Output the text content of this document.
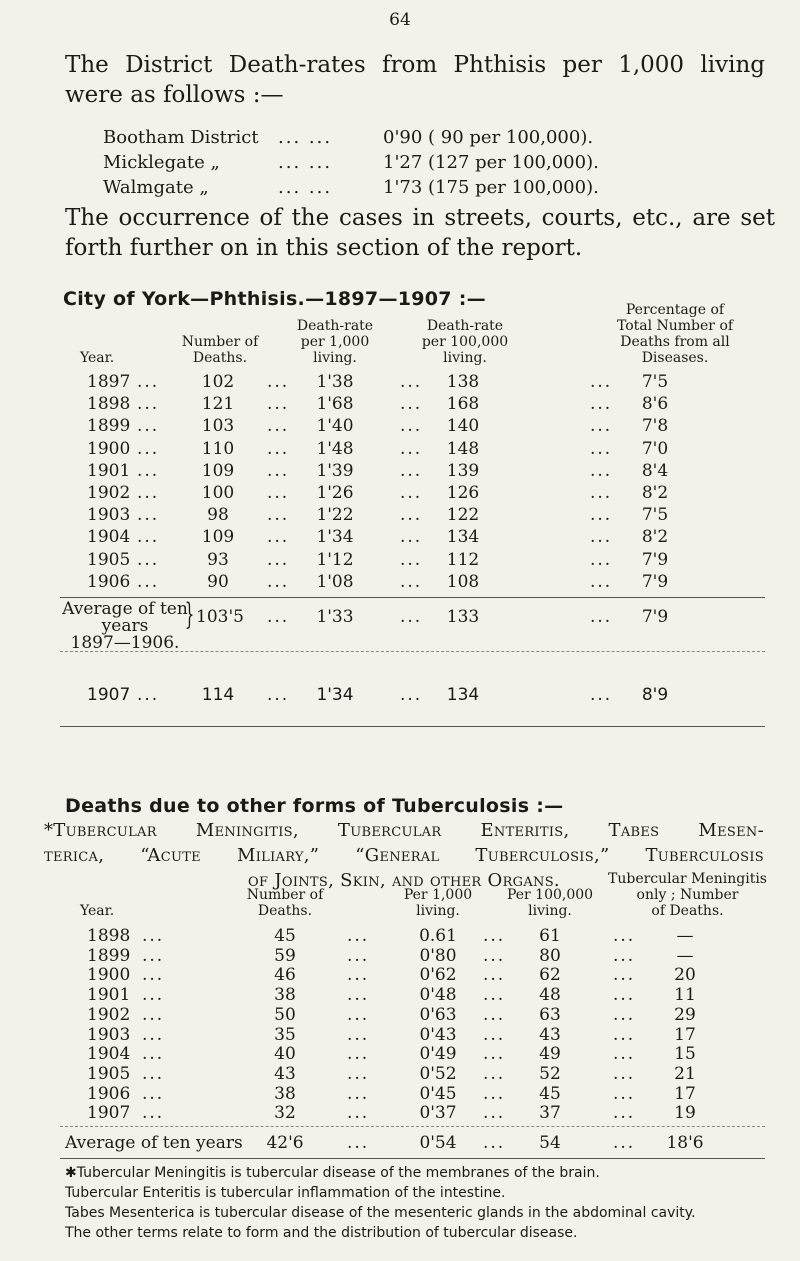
64

The District Death-rates from Phthisis per 1,000 living

were as follows :—

Bootham District	... ...	0'90 ( 90 per 100,000).
Micklegate „	... ...	1'27 (127 per 100,000).
Walmgate „	... ...	1'73 (175 per 100,000).

The occurrence of the cases in streets, courts, etc., are set

forth further on in this section of the report.

City of York—Phthisis.—1897—1907 :—
Year.
Number of
Deaths.
Death-rate
per 1,000
living.
Death-rate
per 100,000
living.
Percentage of
Total Number of
Deaths from all
Diseases.
1897 ...	102	...	1'38	...	138	...	7'5
1898 ...	121	...	1'68	...	168	...	8'6
1899 ...	103	...	1'40	...	140	...	7'8
1900 ...	110	...	1'48	...	148	...	7'0
1901 ...	109	...	1'39	...	139	...	8'4
1902 ...	100	...	1'26	...	126	...	8'2
1903 ...	98	...	1'22	...	122	...	7'5
1904 ...	109	...	1'34	...	134	...	8'2
1905 ...	93	...	1'12	...	112	...	7'9
1906 ...	90	...	1'08	...	108	...	7'9
Average of ten years
1897—1906.
} 103'5	...	1'33	...	133	...	7'9
1907 ...	114	...	1'34	...	134	...	8'9
Deaths due to other forms of Tuberculosis :—

*Tubercular Meningitis, Tubercular Enteritis, Tabes Mesen-

terica, “Acute Miliary,” “General Tuberculosis,” Tuberculosis

of Joints, Skin, and other Organs.

Year.
Number of
Deaths.
Per 1,000
living.
Per 100,000
living.
Tubercular Meningitis
only ; Number
of Deaths.
1898 ...	45	...	0.61	...	61	...	—
1899 ...	59	...	0'80	...	80	...	—
1900 ...	46	...	0'62	...	62	...	20
1901 ...	38	...	0'48	...	48	...	11
1902 ...	50	...	0'63	...	63	...	29
1903 ...	35	...	0'43	...	43	...	17
1904 ...	40	...	0'49	...	49	...	15
1905 ...	43	...	0'52	...	52	...	21
1906 ...	38	...	0'45	...	45	...	17
1907 ...	32	...	0'37	...	37	...	19
Average of ten years	42'6	...	0'54	...	54	...	18'6

✱Tubercular Meningitis is tubercular disease of the membranes of the brain.

Tubercular Enteritis is tubercular inflammation of the intestine.

Tabes Mesenterica is tubercular disease of the mesenteric glands in the abdominal cavity.

The other terms relate to form and the distribution of tubercular disease.
